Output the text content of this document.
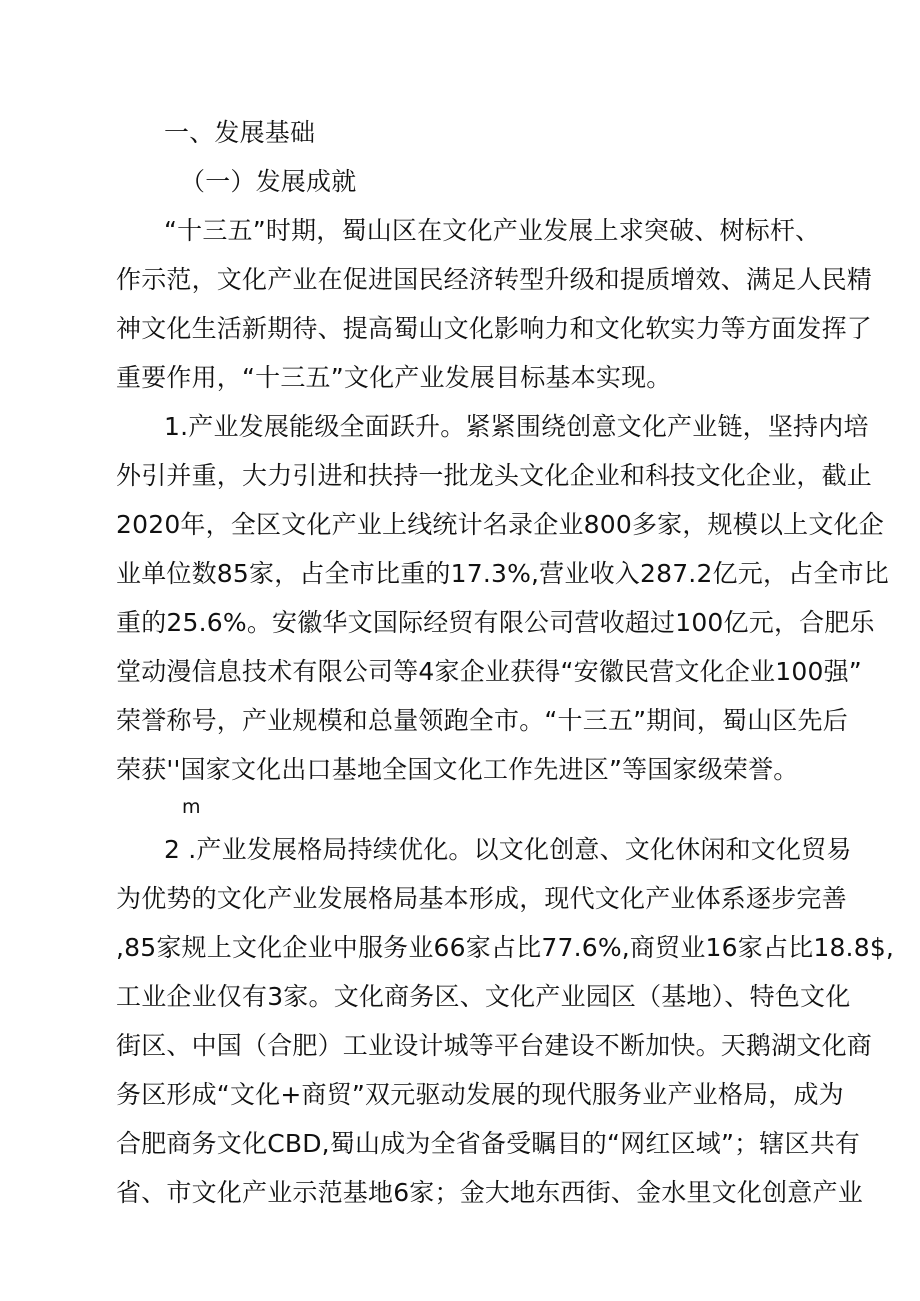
一、发展基础
（一）发展成就
“十三五”时期，蜀山区在文化产业发展上求突破、树标杆、
作示范，文化产业在促进国民经济转型升级和提质增效、满足人民精
神文化生活新期待、提高蜀山文化影响力和文化软实力等方面发挥了
重要作用，“十三五”文化产业发展目标基本实现。
1.产业发展能级全面跃升。紧紧围绕创意文化产业链，坚持内培
外引并重，大力引进和扶持一批龙头文化企业和科技文化企业，截止
2020年，全区文化产业上线统计名录企业800多家，规模以上文化企
业单位数85家，占全市比重的17.3%,营业收入287.2亿元，占全市比
重的25.6%。安徽华文国际经贸有限公司营收超过100亿元，合肥乐
堂动漫信息技术有限公司等4家企业获得“安徽民营文化企业100强”
荣誉称号，产业规模和总量领跑全市。“十三五”期间，蜀山区先后
荣获''国家文化出口基地全国文化工作先进区”等国家级荣誉。
m
2 .产业发展格局持续优化。以文化创意、文化休闲和文化贸易
为优势的文化产业发展格局基本形成，现代文化产业体系逐步完善
,85家规上文化企业中服务业66家占比77.6%,商贸业16家占比18.8$,
工业企业仅有3家。文化商务区、文化产业园区（基地）、特色文化
街区、中国（合肥）工业设计城等平台建设不断加快。天鹅湖文化商
务区形成“文化+商贸”双元驱动发展的现代服务业产业格局，成为
合肥商务文化CBD,蜀山成为全省备受瞩目的“网红区域”；辖区共有
省、市文化产业示范基地6家；金大地东西街、金水里文化创意产业
